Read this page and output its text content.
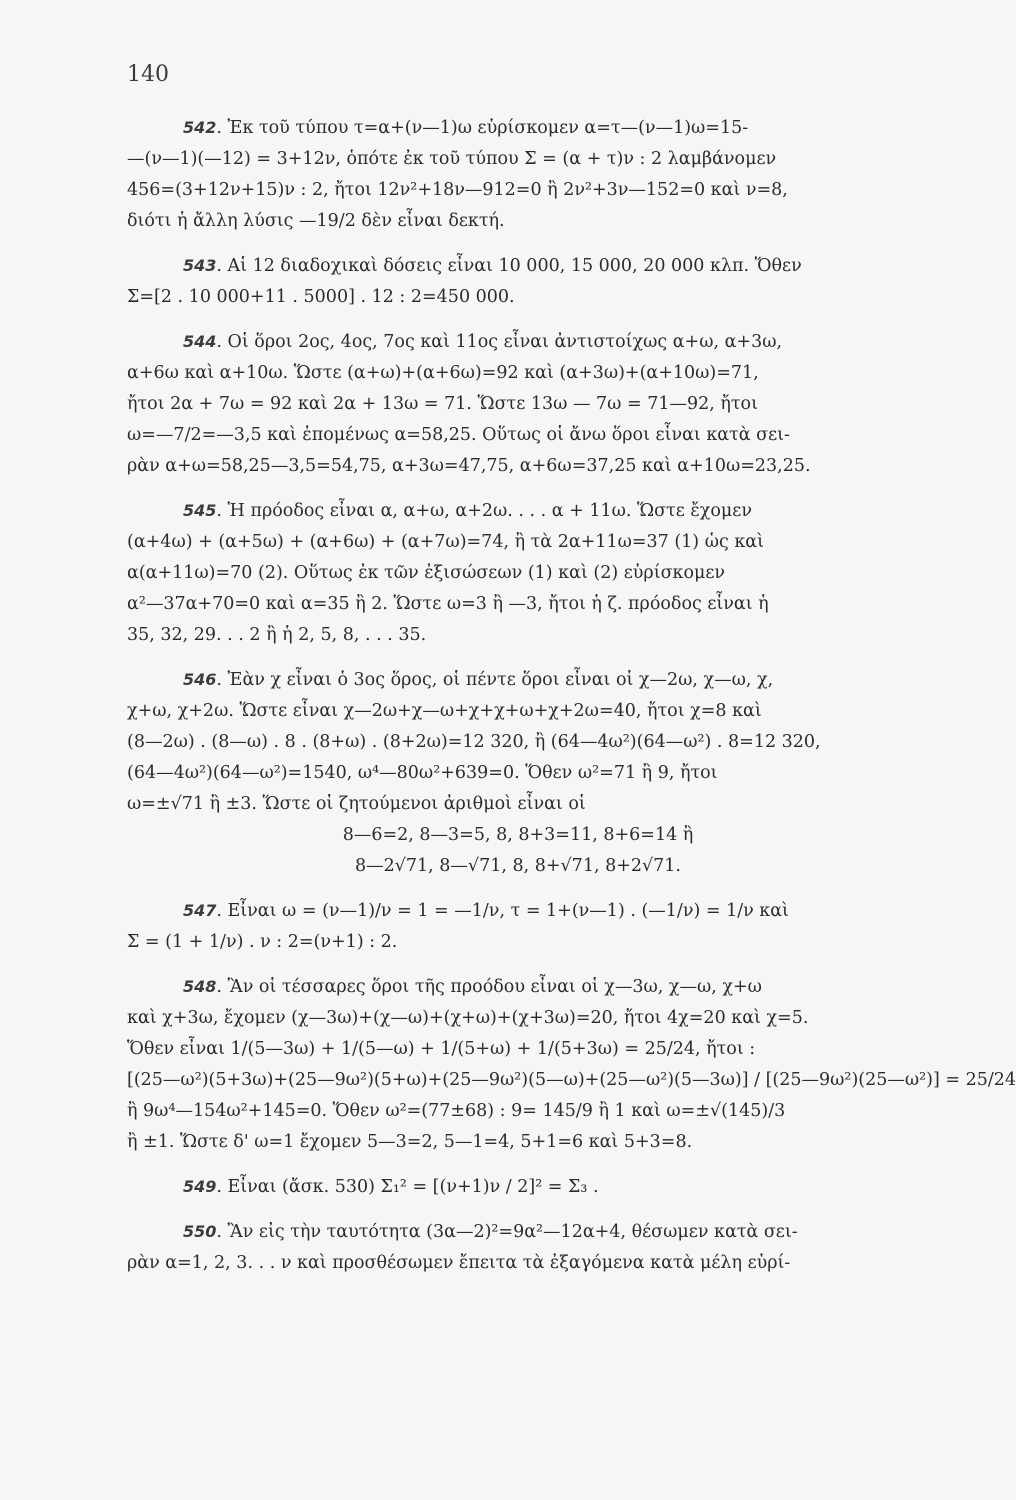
140
542. Ἐκ τοῦ τύπου τ=α+(ν—1)ω εὑρίσκομεν α=τ—(ν—1)ω=15-
—(ν—1)(—12) = 3+12ν, ὁπότε ἐκ τοῦ τύπου Σ = (α + τ)ν : 2 λαμβάνομεν
456=(3+12ν+15)ν : 2, ἤτοι 12ν²+18ν—912=0 ἢ 2ν²+3ν—152=0 καὶ ν=8,
διότι ἡ ἄλλη λύσις —19/2 δὲν εἶναι δεκτή.
543. Αἱ 12 διαδοχικαὶ δόσεις εἶναι 10 000, 15 000, 20 000 κλπ. Ὅθεν
Σ=[2 . 10 000+11 . 5000] . 12 : 2=450 000.
544. Οἱ ὅροι 2ος, 4ος, 7ος καὶ 11ος εἶναι ἀντιστοίχως α+ω, α+3ω,
α+6ω καὶ α+10ω. Ὥστε (α+ω)+(α+6ω)=92 καὶ (α+3ω)+(α+10ω)=71,
ἤτοι 2α + 7ω = 92 καὶ 2α + 13ω = 71. Ὥστε 13ω — 7ω = 71—92, ἤτοι
ω=—7/2=—3,5 καὶ ἐπομένως α=58,25. Οὕτως οἱ ἄνω ὅροι εἶναι κατὰ σει-
ρὰν α+ω=58,25—3,5=54,75, α+3ω=47,75, α+6ω=37,25 καὶ α+10ω=23,25.
545. Ἡ πρόοδος εἶναι α, α+ω, α+2ω. . . . α + 11ω. Ὥστε ἔχομεν
(α+4ω) + (α+5ω) + (α+6ω) + (α+7ω)=74, ἢ τὰ 2α+11ω=37 (1) ὡς καὶ
α(α+11ω)=70 (2). Οὕτως ἐκ τῶν ἐξισώσεων (1) καὶ (2) εὑρίσκομεν
α²—37α+70=0 καὶ α=35 ἢ 2. Ὥστε ω=3 ἢ —3, ἤτοι ἡ ζ. πρόοδος εἶναι ἡ
35, 32, 29. . . 2 ἢ ἡ 2, 5, 8, . . . 35.
546. Ἐὰν χ εἶναι ὁ 3ος ὅρος, οἱ πέντε ὅροι εἶναι οἱ χ—2ω, χ—ω, χ,
χ+ω, χ+2ω. Ὥστε εἶναι χ—2ω+χ—ω+χ+χ+ω+χ+2ω=40, ἤτοι χ=8 καὶ
(8—2ω) . (8—ω) . 8 . (8+ω) . (8+2ω)=12 320, ἢ (64—4ω²)(64—ω²) . 8=12 320,
(64—4ω²)(64—ω²)=1540, ω⁴—80ω²+639=0. Ὅθεν ω²=71 ἢ 9, ἤτοι
ω=±√71 ἢ ±3. Ὥστε οἱ ζητούμενοι ἀριθμοὶ εἶναι οἱ
8—6=2, 8—3=5, 8, 8+3=11, 8+6=14 ἢ
8—2√71, 8—√71, 8, 8+√71, 8+2√71.
547. Εἶναι ω = (ν—1)/ν = 1 = —1/ν, τ = 1+(ν—1) . (—1/ν) = 1/ν καὶ
Σ = (1 + 1/ν) . ν : 2=(ν+1) : 2.
548. Ἂν οἱ τέσσαρες ὅροι τῆς προόδου εἶναι οἱ χ—3ω, χ—ω, χ+ω
καὶ χ+3ω, ἔχομεν (χ—3ω)+(χ—ω)+(χ+ω)+(χ+3ω)=20, ἤτοι 4χ=20 καὶ χ=5.
Ὅθεν εἶναι 1/(5—3ω) + 1/(5—ω) + 1/(5+ω) + 1/(5+3ω) = 25/24, ἤτοι :
[(25—ω²)(5+3ω)+(25—9ω²)(5+ω)+(25—9ω²)(5—ω)+(25—ω²)(5—3ω)] / [(25—9ω²)(25—ω²)] = 25/24
ἢ 9ω⁴—154ω²+145=0. Ὅθεν ω²=(77±68) : 9= 145/9 ἢ 1 καὶ ω=±√(145)/3
ἢ ±1. Ὥστε δ' ω=1 ἔχομεν 5—3=2, 5—1=4, 5+1=6 καὶ 5+3=8.
549. Εἶναι (ἄσκ. 530) Σ₁² = [(ν+1)ν / 2]² = Σ₃ .
550. Ἂν εἰς τὴν ταυτότητα (3α—2)²=9α²—12α+4, θέσωμεν κατὰ σει-
ρὰν α=1, 2, 3. . . ν καὶ προσθέσωμεν ἔπειτα τὰ ἐξαγόμενα κατὰ μέλη εὑρί-
